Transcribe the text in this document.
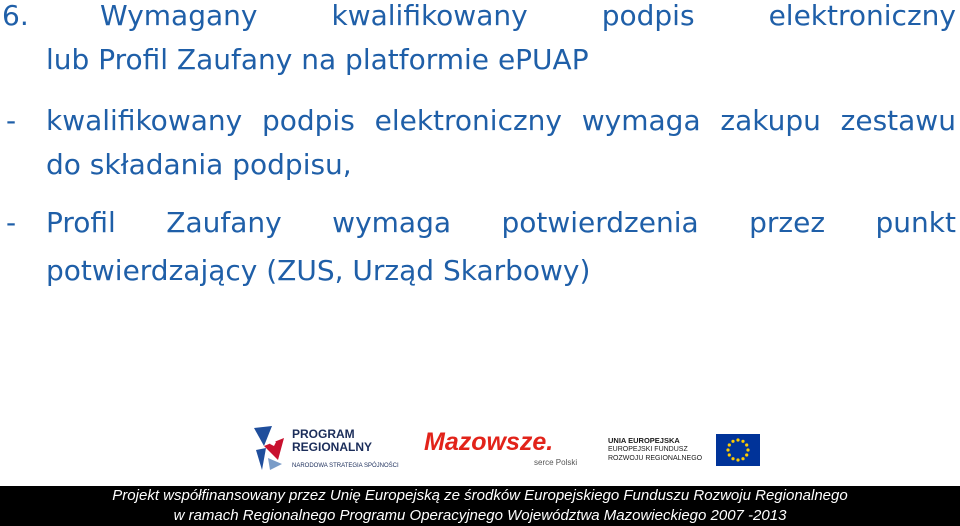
6.	Wymagany	kwalifikowany	podpis	elektroniczny
lub Profil Zaufany na platformie ePUAP
- kwalifikowany podpis elektroniczny wymaga zakupu zestawu
do składania podpisu,
- Profil Zaufany wymaga potwierdzenia przez punkt
potwierdzający (ZUS, Urząd Skarbowy)
PROGRAM
REGIONALNY
NARODOWA STRATEGIA SPÓJNOŚCI
Mazowsze.
serce Polski
UNIA EUROPEJSKA
EUROPEJSKI FUNDUSZ
ROZWOJU REGIONALNEGO
Projekt współfinansowany przez Unię Europejską ze środków Europejskiego Funduszu Rozwoju Regionalnego
w ramach Regionalnego Programu Operacyjnego Województwa Mazowieckiego 2007 -2013
